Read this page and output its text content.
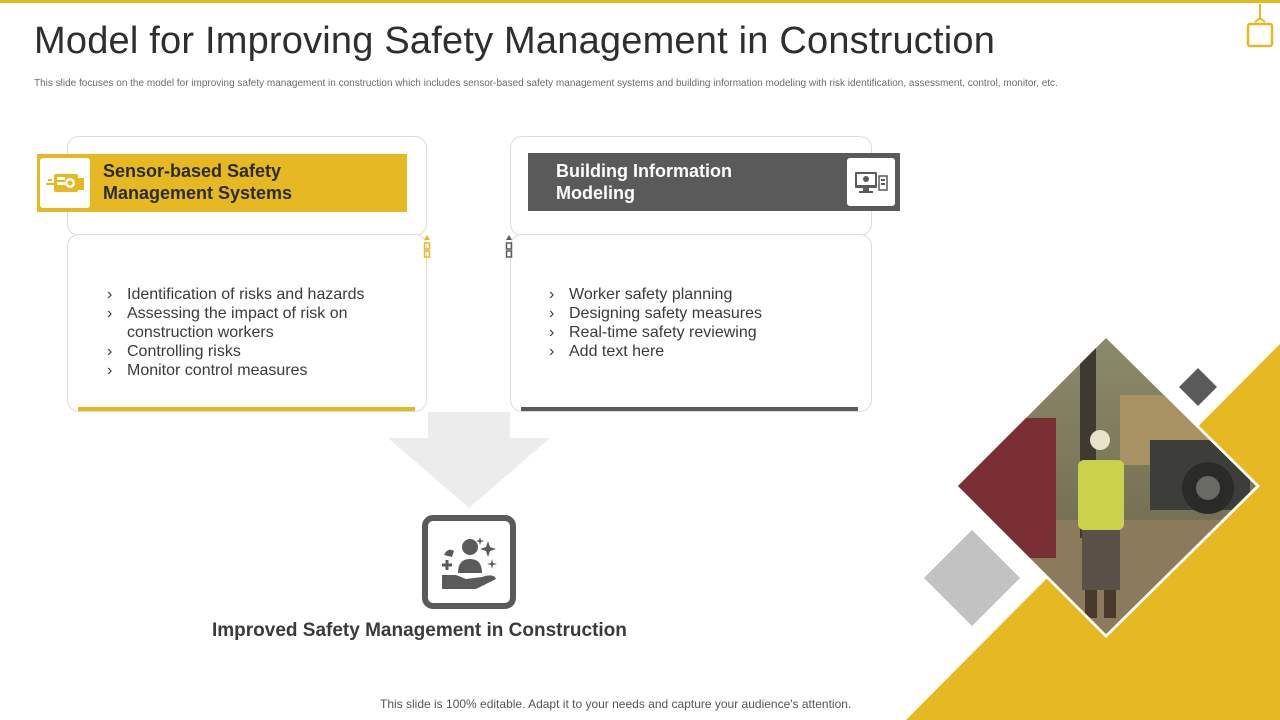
Model for Improving Safety Management in Construction
This slide focuses on the model for improving safety management in construction which includes sensor-based safety management systems and building information modeling with risk identification, assessment, control, monitor, etc.
Sensor-based Safety Management Systems
› Identification of risks and hazards
› Assessing the impact of risk on construction workers
› Controlling risks
› Monitor control measures
Building Information Modeling
› Worker safety planning
› Designing safety measures
› Real-time safety reviewing
› Add text here
Improved Safety Management in Construction
This slide is 100% editable. Adapt it to your needs and capture your audience's attention.
